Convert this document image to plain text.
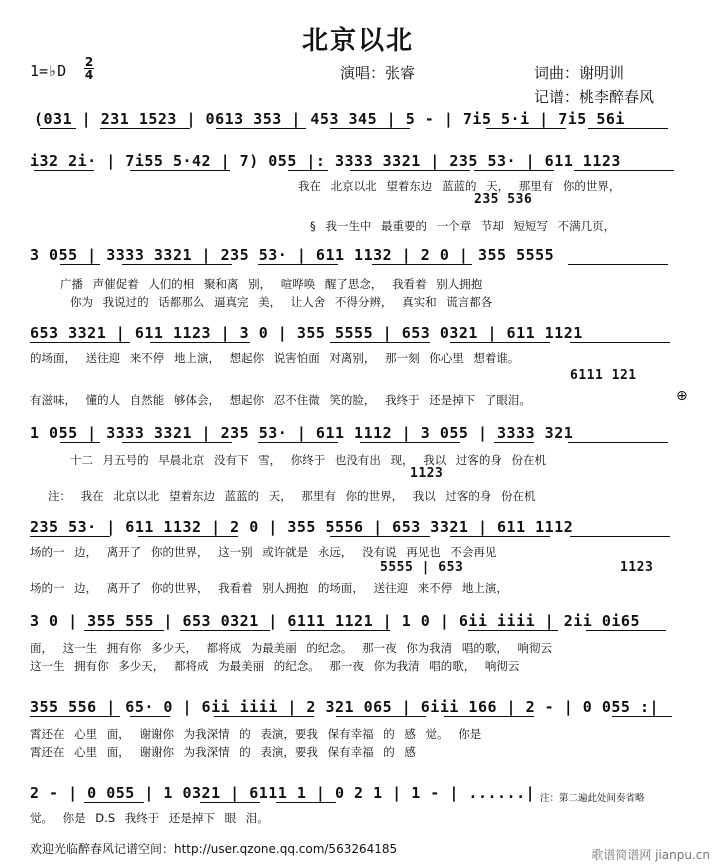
北京以北
1=♭D 2
4	演唱：张睿	词曲：谢明训
记谱：桃李醉春风
(031 | 231 1523 | 0613 353 | 453 345 | 5 - | 7i5 5·i | 7i5 56i
i32 2i· | 7i55 5·42 | 7) 055 |: 3333 3321 | 235 53· | 611 1123
我在 北京以北 望着东边 蓝蓝的 天， 那里有 你的世界，
235 536
§ 我一生中 最重要的 一个章 节却 短短写 不满几页，
3 055 | 3333 3321 | 235 53· | 611 1132 | 2 0 | 355 5555
广播 声催促着 人们的相 聚和离 别， 喧哗唤 醒了思念， 我看着 别人拥抱
你为 我说过的 话都那么 逼真完 美， 让人舍 不得分辨， 真实和 谎言都各
653 3321 | 611 1123 | 3 0 | 355 5555 | 653 0321 | 611 1121
的场面， 送往迎 来不停 地上演， 想起你 说害怕面 对离别， 那一刻 你心里 想着谁。
6111 121
有滋味， 懂的人 自然能 够体会， 想起你 忍不住微 笑的脸， 我终于 还是掉下 了眼泪。	⊕
1 055 | 3333 3321 | 235 53· | 611 1112 | 3 055 | 3333 321
十二 月五号的 早晨北京 没有下 雪， 你终于 也没有出 现， 我以 过客的身 份在机
1123
注： 我在 北京以北 望着东边 蓝蓝的 天， 那里有 你的世界， 我以 过客的身 份在机
235 53· | 611 1132 | 2 0 | 355 5556 | 653 3321 | 611 1112
场的一 边， 离开了 你的世界， 这一别 或许就是 永远， 没有说 再见也 不会再见
5555 | 653
场的一 边， 离开了 你的世界， 我看着 别人拥抱 的场面， 送往迎 来不停 地上演，
1123
3 0 | 355 555 | 653 0321 | 6111 1121 | 1 0 | 6ii iiii | 2ii 0i65
面， 这一生 拥有你 多少天， 都将成 为最美丽 的纪念。 那一夜 你为我清 唱的歌， 响彻云
这一生 拥有你 多少天， 都将成 为最美丽 的纪念。 那一夜 你为我清 唱的歌， 响彻云
355 556 | 65· 0 | 6ii iiii | 2 321 065 | 6iii 166 | 2 - | 0 055 :|
霄还在 心里 面， 谢谢你 为我深情 的 表演，要我 保有幸福 的 感 觉。 你是
霄还在 心里 面， 谢谢你 为我深情 的 表演，要我 保有幸福 的 感
2 - | 0 055 | 1 0321 | 6111 1 | 0 2 1 | 1 - | ......|
觉。 你是 D.S 我终于 还是掉下 眼 泪。
注：第二遍此处间奏省略
欢迎光临醉春风记谱空间：http://user.qzone.qq.com/563264185	歌谱简谱网 jianpu.cn
